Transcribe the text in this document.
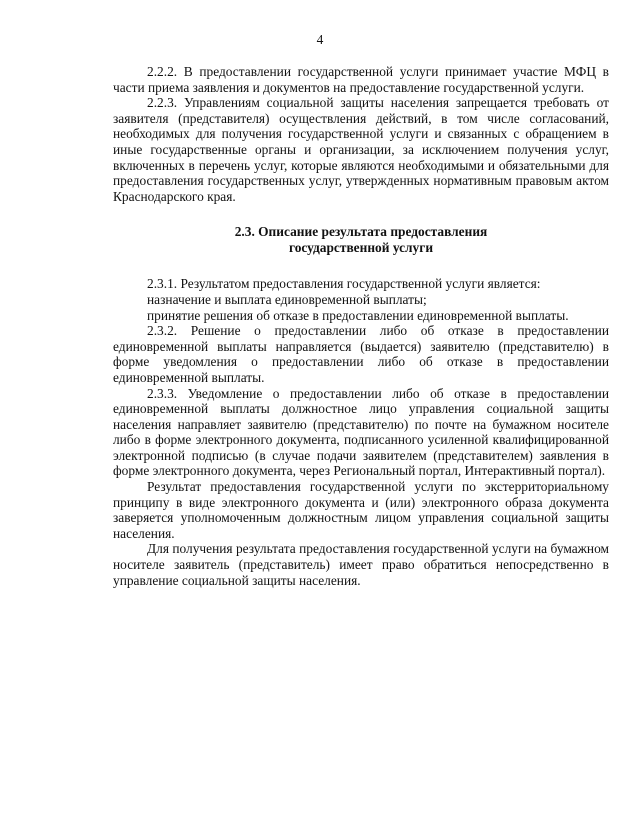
4

2.2.2. В предоставлении государственной услуги принимает участие МФЦ в части приема заявления и документов на предоставление государственной услуги.

2.2.3. Управлениям социальной защиты населения запрещается требовать от заявителя (представителя) осуществления действий, в том числе согласований, необходимых для получения государственной услуги и связанных с обращением в иные государственные органы и организации, за исключением получения услуг, включенных в перечень услуг, которые являются необходимыми и обязательными для предоставления государственных услуг, утвержденных нормативным правовым актом Краснодарского края.

2.3. Описание результата предоставления
государственной услуги

2.3.1. Результатом предоставления государственной услуги является:

назначение и выплата единовременной выплаты;

принятие решения об отказе в предоставлении единовременной выплаты.

2.3.2. Решение о предоставлении либо об отказе в предоставлении единовременной выплаты направляется (выдается) заявителю (представителю) в форме уведомления о предоставлении либо об отказе в предоставлении единовременной выплаты.

2.3.3. Уведомление о предоставлении либо об отказе в предоставлении единовременной выплаты должностное лицо управления социальной защиты населения направляет заявителю (представителю) по почте на бумажном носителе либо в форме электронного документа, подписанного усиленной квалифицированной электронной подписью (в случае подачи заявителем (представителем) заявления в форме электронного документа, через Региональный портал, Интерактивный портал).

Результат предоставления государственной услуги по экстерриториальному принципу в виде электронного документа и (или) электронного образа документа заверяется уполномоченным должностным лицом управления социальной защиты населения.

Для получения результата предоставления государственной услуги на бумажном носителе заявитель (представитель) имеет право обратиться непосредственно в управление социальной защиты населения.
